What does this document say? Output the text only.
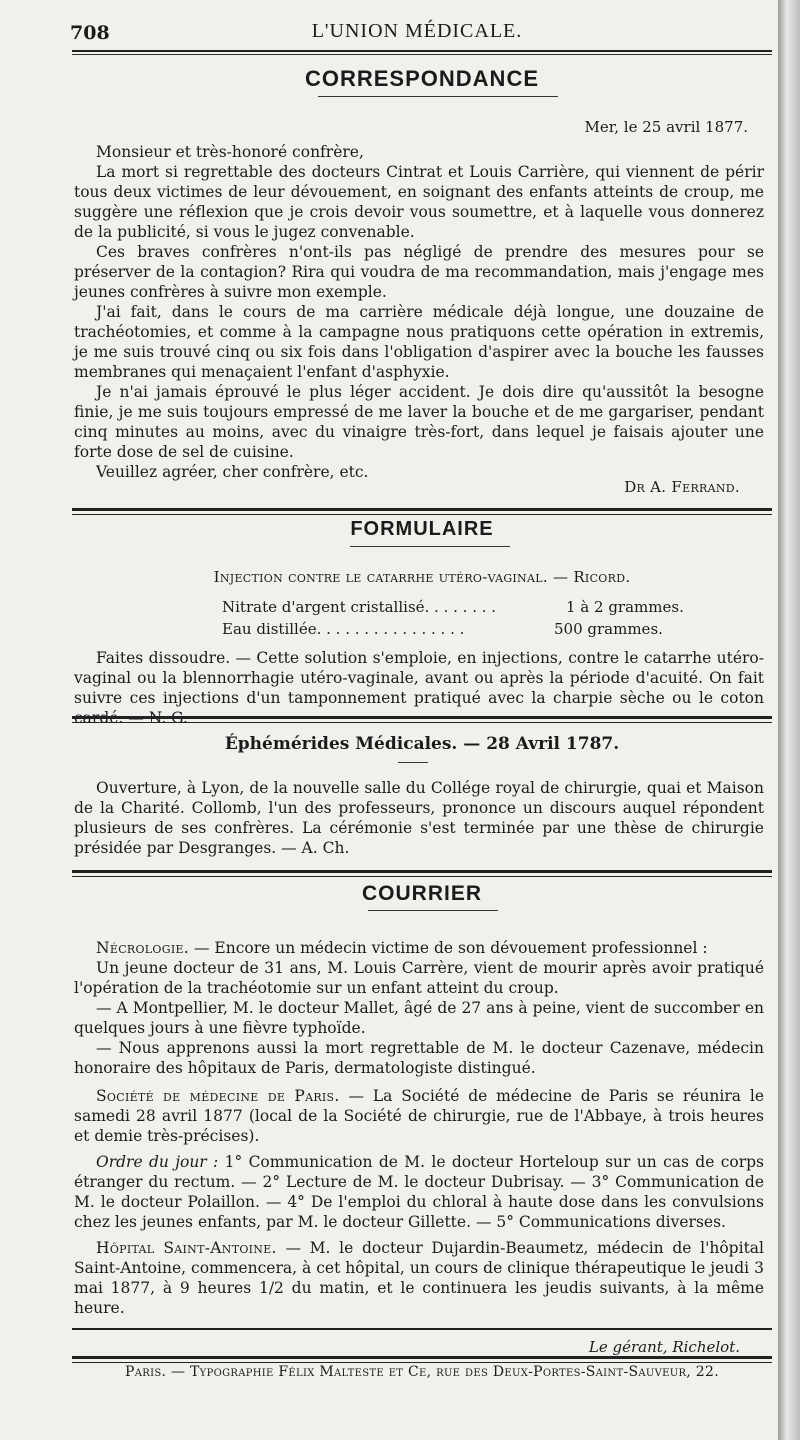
708	L'UNION MÉDICALE.
CORRESPONDANCE
Mer, le 25 avril 1877.

Monsieur et très-honoré confrère,

La mort si regrettable des docteurs Cintrat et Louis Carrière, qui viennent de périr tous deux victimes de leur dévouement, en soignant des enfants atteints de croup, me suggère une réflexion que je crois devoir vous soumettre, et à laquelle vous donnerez de la publicité, si vous le jugez convenable.

Ces braves confrères n'ont-ils pas négligé de prendre des mesures pour se préserver de la contagion? Rira qui voudra de ma recommandation, mais j'engage mes jeunes confrères à suivre mon exemple.

J'ai fait, dans le cours de ma carrière médicale déjà longue, une douzaine de trachéotomies, et comme à la campagne nous pratiquons cette opération in extremis, je me suis trouvé cinq ou six fois dans l'obligation d'aspirer avec la bouche les fausses membranes qui menaçaient l'enfant d'asphyxie.

Je n'ai jamais éprouvé le plus léger accident. Je dois dire qu'aussitôt la besogne finie, je me suis toujours empressé de me laver la bouche et de me gargariser, pendant cinq minutes au moins, avec du vinaigre très-fort, dans lequel je faisais ajouter une forte dose de sel de cuisine.

Veuillez agréer, cher confrère, etc.

Dr A. Ferrand.
FORMULAIRE
Injection contre le catarrhe utéro-vaginal. — Ricord.
Nitrate d'argent cristallisé. . . . . . . .	1 à 2 grammes.
Eau distillée. . . . . . . . . . . . . . . .	500 grammes.

Faites dissoudre. — Cette solution s'emploie, en injections, contre le catarrhe utéro-vaginal ou la blennorrhagie utéro-vaginale, avant ou après la période d'acuité. On fait suivre ces injections d'un tamponnement pratiqué avec la charpie sèche ou le coton cardé. — N. G.

Éphémérides Médicales. — 28 Avril 1787.

Ouverture, à Lyon, de la nouvelle salle du Collége royal de chirurgie, quai et Maison de la Charité. Collomb, l'un des professeurs, prononce un discours auquel répondent plusieurs de ses confrères. La cérémonie s'est terminée par une thèse de chirurgie présidée par Desgranges. — A. Ch.

COURRIER

Nécrologie. — Encore un médecin victime de son dévouement professionnel :

Un jeune docteur de 31 ans, M. Louis Carrère, vient de mourir après avoir pratiqué l'opération de la trachéotomie sur un enfant atteint du croup.

— A Montpellier, M. le docteur Mallet, âgé de 27 ans à peine, vient de succomber en quelques jours à une fièvre typhoïde.

— Nous apprenons aussi la mort regrettable de M. le docteur Cazenave, médecin honoraire des hôpitaux de Paris, dermatologiste distingué.

Société de médecine de Paris. — La Société de médecine de Paris se réunira le samedi 28 avril 1877 (local de la Société de chirurgie, rue de l'Abbaye, à trois heures et demie très-précises).

Ordre du jour : 1° Communication de M. le docteur Horteloup sur un cas de corps étranger du rectum. — 2° Lecture de M. le docteur Dubrisay. — 3° Communication de M. le docteur Polaillon. — 4° De l'emploi du chloral à haute dose dans les convulsions chez les jeunes enfants, par M. le docteur Gillette. — 5° Communications diverses.

Hôpital Saint-Antoine. — M. le docteur Dujardin-Beaumetz, médecin de l'hôpital Saint-Antoine, commencera, à cet hôpital, un cours de clinique thérapeutique le jeudi 3 mai 1877, à 9 heures 1/2 du matin, et le continuera les jeudis suivants, à la même heure.

Le gérant, Richelot.
Paris. — Typographie Félix Malteste et Ce, rue des Deux-Portes-Saint-Sauveur, 22.
